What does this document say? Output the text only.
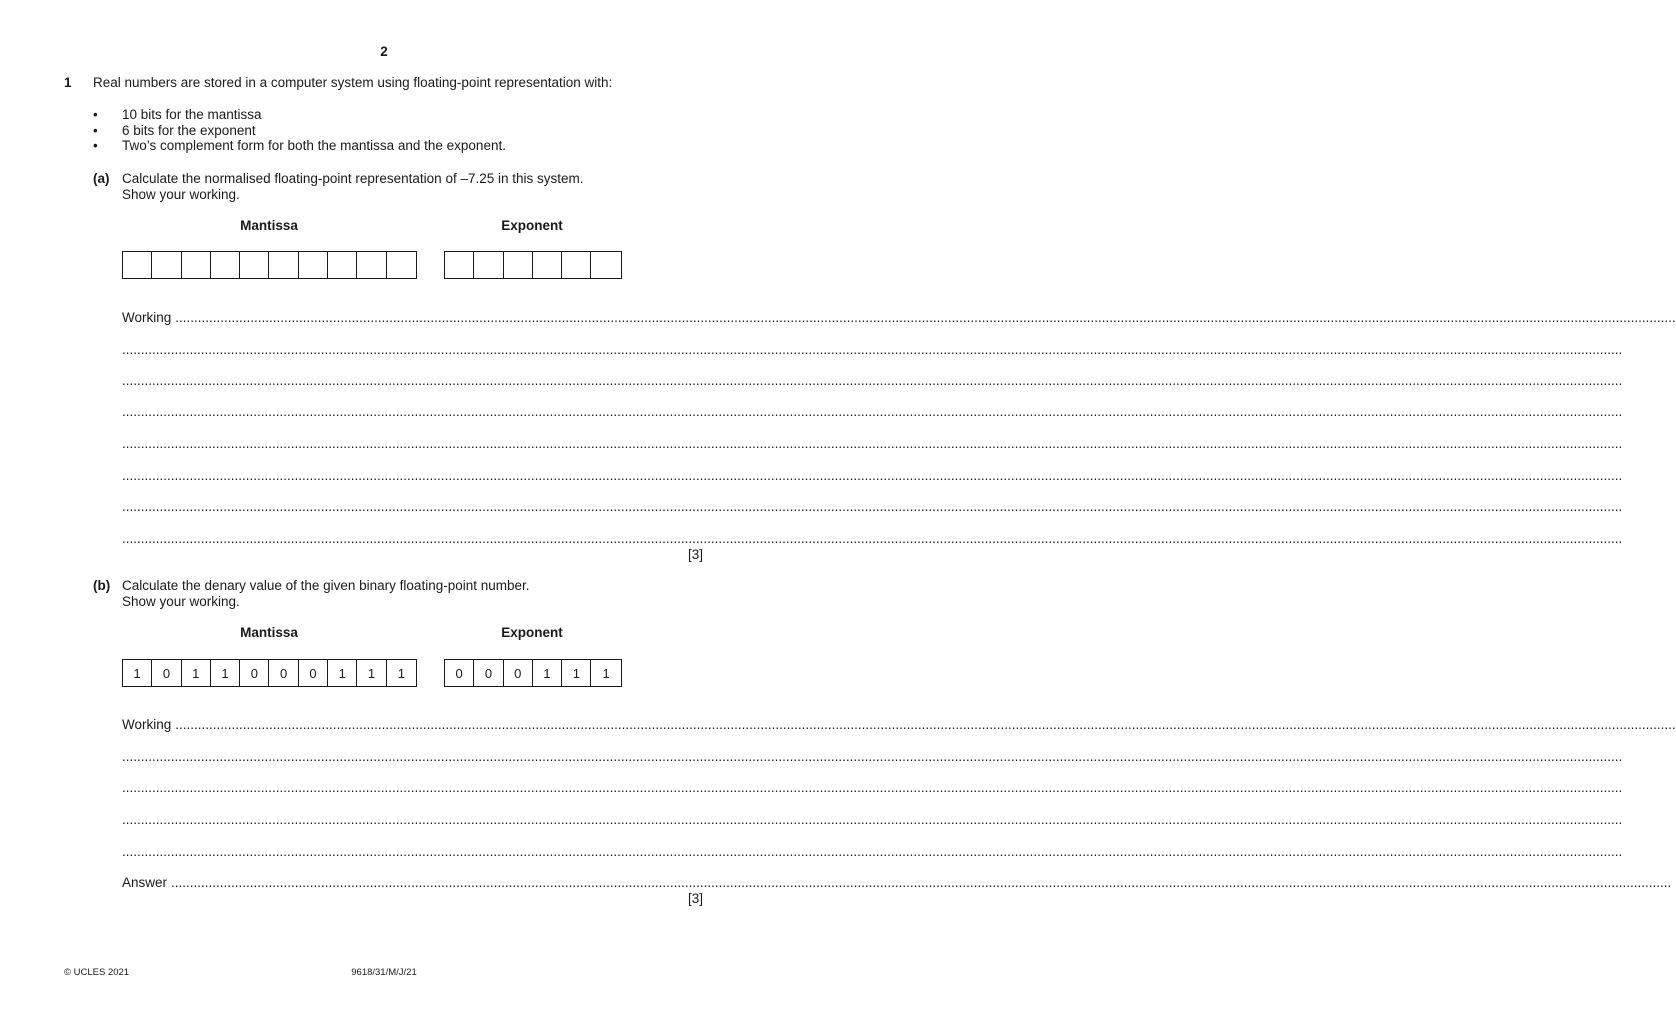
2
1 Real numbers are stored in a computer system using floating-point representation with:
• 10 bits for the mantissa
• 6 bits for the exponent
• Two’s complement form for both the mantissa and the exponent.
(a) Calculate the normalised floating-point representation of –7.25 in this system.
Show your working.
Mantissa	Exponent
Working ................................................................................................................................................................................................................................................................................................................................................................................................................
................................................................................................................................................................................................................................................................................................................................................................................................................
................................................................................................................................................................................................................................................................................................................................................................................................................
................................................................................................................................................................................................................................................................................................................................................................................................................
................................................................................................................................................................................................................................................................................................................................................................................................................
................................................................................................................................................................................................................................................................................................................................................................................................................
................................................................................................................................................................................................................................................................................................................................................................................................................
................................................................................................................................................................................................................................................................................................................................................................................................................
[3]
(b) Calculate the denary value of the given binary floating-point number.
Show your working.
Mantissa	Exponent
1	0	1	1	0	0	0	1	1	1	0	0	0	1	1	1
Working ................................................................................................................................................................................................................................................................................................................................................................................................................
................................................................................................................................................................................................................................................................................................................................................................................................................
................................................................................................................................................................................................................................................................................................................................................................................................................
................................................................................................................................................................................................................................................................................................................................................................................................................
................................................................................................................................................................................................................................................................................................................................................................................................................
Answer ................................................................................................................................................................................................................................................................................................................................................................................................................
[3]
© UCLES 2021	9618/31/M/J/21
